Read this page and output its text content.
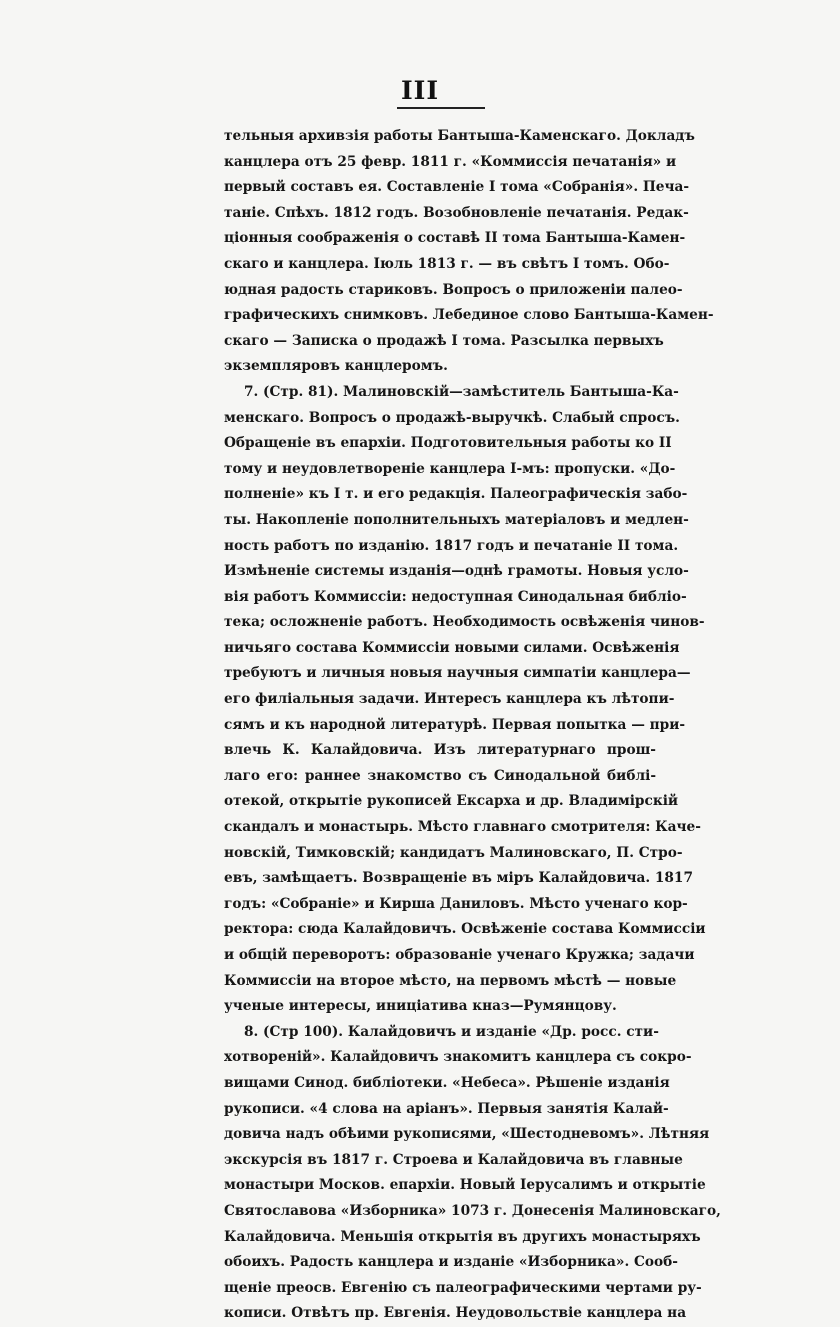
III
тельныя архивзія работы Бантыша-Каменскаго. Докладъ
канцлера отъ 25 февр. 1811 г. «Коммиссія печатанія» и
первый составъ ея. Составленіе I тома «Собранія». Печа-
таніе. Спѣхъ. 1812 годъ. Возобновленіе печатанія. Редак-
ціонныя соображенія о составѣ II томa Бантыша-Камен-
скаго и канцлера. Іюль 1813 г. — въ свѣтъ I томъ. Обо-
юдная радость стариковъ. Вопросъ о приложеніи палео-
графическихъ снимковъ. Лебединое слово Бантыша-Камен-
скаго — Записка о продажѣ I тома. Разсылка первыхъ
экземпляровъ канцлеромъ.
7. (Стр. 81). Малиновскій—замѣститель Бантыша-Ка-
менскаго. Вопросъ о продажѣ-выручкѣ. Слабый спросъ.
Обращеніе въ епархіи. Подготовительныя работы ко II
тому и неудовлетвореніе канцлера I-мъ: пропуски. «До-
полненіе» къ I т. и его редакція. Палеографическія забо-
ты. Накопленіе пополнительныхъ матеріаловъ и медлен-
ность работъ по изданію. 1817 годъ и печатаніе II тома.
Измѣненіе системы изданія—однѣ грамоты. Новыя усло-
вія работъ Коммиссіи: недоступная Синодальная библіо-
тека; осложненіе работъ. Необходимость освѣженія чинов-
ничьяго состава Коммиссіи новыми силами. Освѣженія
требуютъ и личныя новыя научныя симпатіи канцлера—
его филіальныя задачи. Интересъ канцлера къ лѣтопи-
сямъ и къ народной литературѣ. Первая попытка — при-
влечь К. Калайдовича. Изъ литературнаго прош-
лаго его: раннее знакомство съ Синодальной библі-
отекой, открытіе рукописей Ексарха и др. Владимірскій
скандалъ и монастырь. Мѣсто главнаго смотрителя: Каче-
новскій, Тимковскій; кандидатъ Малиновскаго, П. Стро-
евъ, замѣщаетъ. Возвращеніе въ міръ Калайдовича. 1817
годъ: «Собраніе» и Кирша Даниловъ. Мѣсто ученаго кор-
ректора: сюда Калайдовичъ. Освѣженіе состава Коммиссіи
и общій переворотъ: образованіе ученаго Кружка; задачи
Коммиссіи на второе мѣсто, на первомъ мѣстѣ — новые
ученые интересы, иниціатива кназ—Румянцову.
8. (Стр 100). Калайдовичъ и изданіе «Др. росс. сти-
хотвореній». Калайдовичъ знакомитъ канцлера съ сокро-
вищами Синод. библіотеки. «Небеса». Рѣшеніе изданія
рукописи. «4 слова на аріанъ». Первыя занятія Калай-
довича надъ обѣими рукописями, «Шестодневомъ». Лѣтняя
экскурсія въ 1817 г. Строева и Калайдовича въ главные
монастыри Москов. епархіи. Новый Іерусалимъ и открытіе
Святославова «Изборника» 1073 г. Донесенія Малиновскаго,
Калайдовича. Меньшія открытія въ другихъ монастыряхъ
обоихъ. Радость канцлера и изданіе «Изборника». Сооб-
щеніе преосв. Евгенію съ палеографическими чертами ру-
кописи. Отвѣтъ пр. Евгенія. Неудовольствіе канцлера на
